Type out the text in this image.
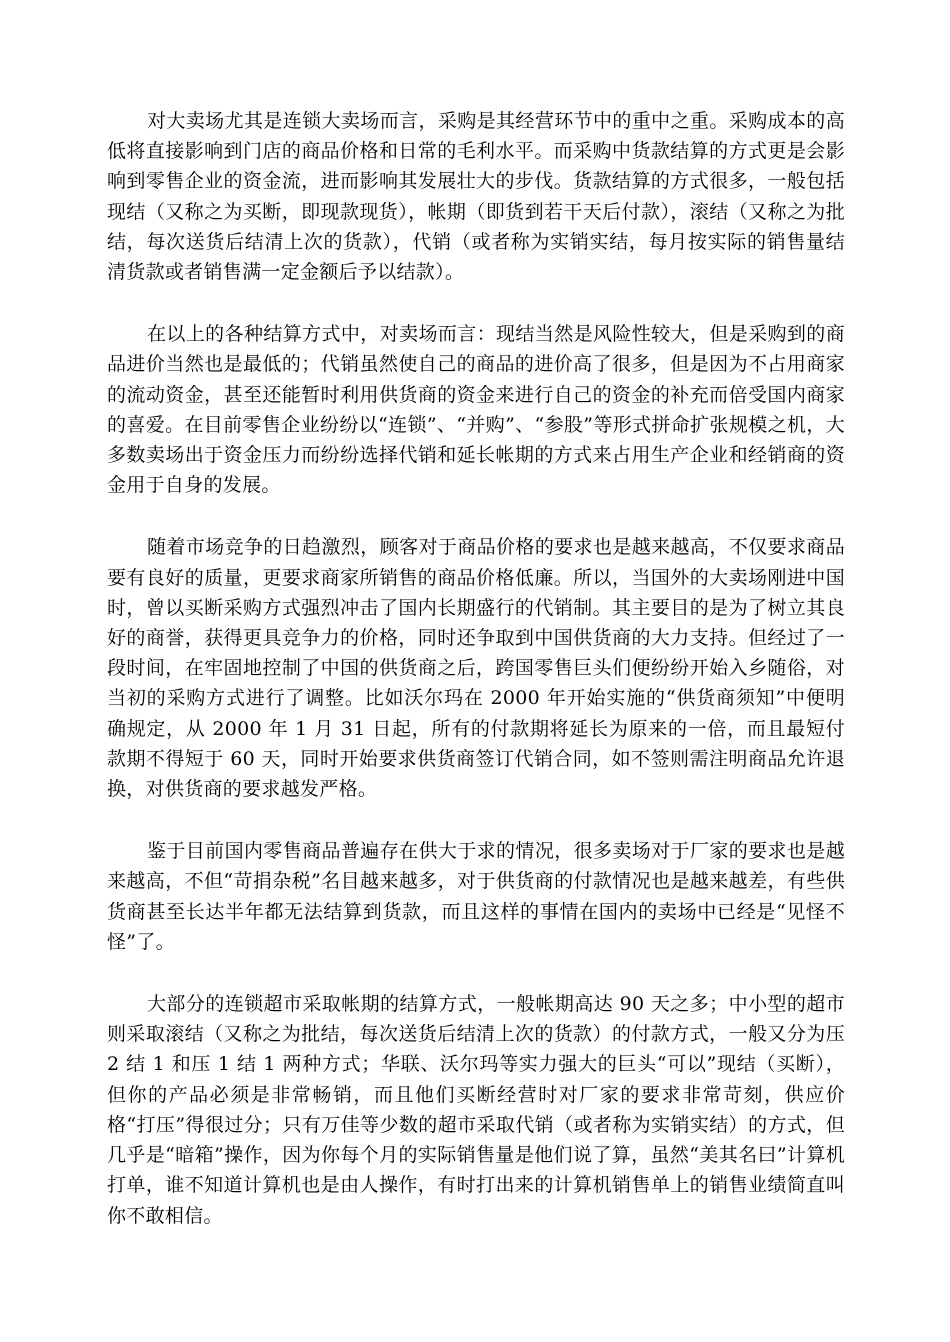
对大卖场尤其是连锁大卖场而言，采购是其经营环节中的重中之重。采购成本的高低将直接影响到门店的商品价格和日常的毛利水平。而采购中货款结算的方式更是会影响到零售企业的资金流，进而影响其发展壮大的步伐。货款结算的方式很多，一般包括现结（又称之为买断，即现款现货），帐期（即货到若干天后付款），滚结（又称之为批结，每次送货后结清上次的货款），代销（或者称为实销实结，每月按实际的销售量结清货款或者销售满一定金额后予以结款）。

在以上的各种结算方式中，对卖场而言：现结当然是风险性较大，但是采购到的商品进价当然也是最低的；代销虽然使自己的商品的进价高了很多，但是因为不占用商家的流动资金，甚至还能暂时利用供货商的资金来进行自己的资金的补充而倍受国内商家的喜爱。在目前零售企业纷纷以“连锁”、“并购”、“参股”等形式拼命扩张规模之机，大多数卖场出于资金压力而纷纷选择代销和延长帐期的方式来占用生产企业和经销商的资金用于自身的发展。

随着市场竞争的日趋激烈，顾客对于商品价格的要求也是越来越高，不仅要求商品要有良好的质量，更要求商家所销售的商品价格低廉。所以，当国外的大卖场刚进中国时，曾以买断采购方式强烈冲击了国内长期盛行的代销制。其主要目的是为了树立其良好的商誉，获得更具竞争力的价格，同时还争取到中国供货商的大力支持。但经过了一段时间，在牢固地控制了中国的供货商之后，跨国零售巨头们便纷纷开始入乡随俗，对当初的采购方式进行了调整。比如沃尔玛在 2000 年开始实施的“供货商须知”中便明确规定，从 2000 年 1 月 31 日起，所有的付款期将延长为原来的一倍，而且最短付款期不得短于 60 天，同时开始要求供货商签订代销合同，如不签则需注明商品允许退换，对供货商的要求越发严格。

鉴于目前国内零售商品普遍存在供大于求的情况，很多卖场对于厂家的要求也是越来越高，不但“苛捐杂税”名目越来越多，对于供货商的付款情况也是越来越差，有些供货商甚至长达半年都无法结算到货款，而且这样的事情在国内的卖场中已经是“见怪不怪”了。

大部分的连锁超市采取帐期的结算方式，一般帐期高达 90 天之多；中小型的超市则采取滚结（又称之为批结，每次送货后结清上次的货款）的付款方式，一般又分为压 2 结 1 和压 1 结 1 两种方式；华联、沃尔玛等实力强大的巨头“可以”现结（买断），但你的产品必须是非常畅销，而且他们买断经营时对厂家的要求非常苛刻，供应价格“打压”得很过分；只有万佳等少数的超市采取代销（或者称为实销实结）的方式，但几乎是“暗箱”操作，因为你每个月的实际销售量是他们说了算，虽然“美其名曰”计算机打单，谁不知道计算机也是由人操作，有时打出来的计算机销售单上的销售业绩简直叫你不敢相信。
